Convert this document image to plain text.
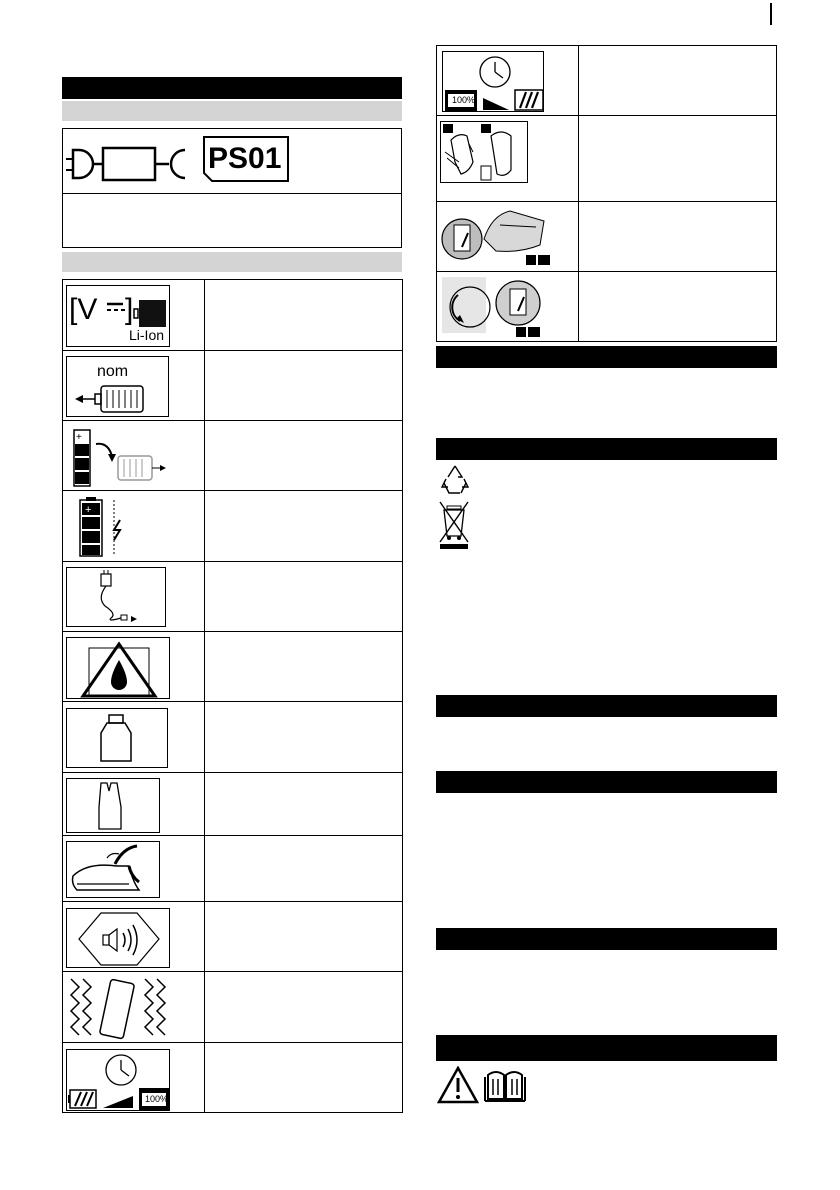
PS01
[V ]
Li-Ion
nom
+
+
100%
100%
